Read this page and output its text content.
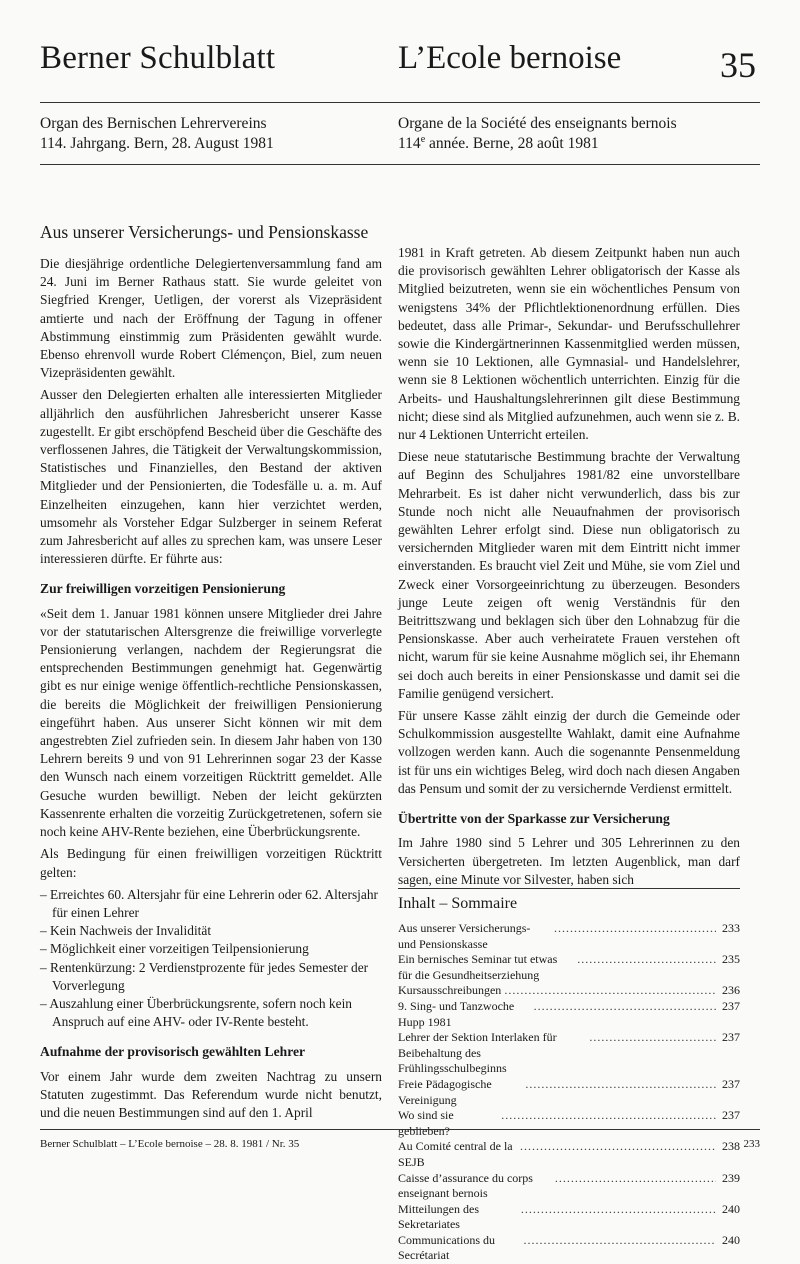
Berner Schulblatt	L’Ecole bernoise	35
Organ des Bernischen Lehrervereins
114. Jahrgang. Bern, 28. August 1981
Organe de la Société des enseignants bernois
114e année. Berne, 28 août 1981
Aus unserer Versicherungs- und Pensionskasse

Die diesjährige ordentliche Delegiertenversammlung fand am 24. Juni im Berner Rathaus statt. Sie wurde geleitet von Siegfried Krenger, Uetligen, der vorerst als Vizepräsident amtierte und nach der Eröffnung der Tagung in offener Abstimmung einstimmig zum Präsidenten gewählt wurde. Ebenso ehrenvoll wurde Robert Clémençon, Biel, zum neuen Vizepräsidenten gewählt.

Ausser den Delegierten erhalten alle interessierten Mitglieder alljährlich den ausführlichen Jahresbericht unserer Kasse zugestellt. Er gibt erschöpfend Bescheid über die Geschäfte des verflossenen Jahres, die Tätigkeit der Verwaltungskommission, Statistisches und Finanzielles, den Bestand der aktiven Mitglieder und der Pensionierten, die Todesfälle u. a. m. Auf Einzelheiten einzugehen, kann hier verzichtet werden, umsomehr als Vorsteher Edgar Sulzberger in seinem Referat zum Jahresbericht auf alles zu sprechen kam, was unsere Leser interessieren dürfte. Er führte aus:

Zur freiwilligen vorzeitigen Pensionierung

«Seit dem 1. Januar 1981 können unsere Mitglieder drei Jahre vor der statutarischen Altersgrenze die freiwillige vorverlegte Pensionierung verlangen, nachdem der Regierungsrat die entsprechenden Bestimmungen genehmigt hat. Gegenwärtig gibt es nur einige wenige öffentlich-rechtliche Pensionskassen, die bereits die Möglichkeit der freiwilligen Pensionierung eingeführt haben. Aus unserer Sicht können wir mit dem angestrebten Ziel zufrieden sein. In diesem Jahr haben von 130 Lehrern bereits 9 und von 91 Lehrerinnen sogar 23 der Kasse den Wunsch nach einem vorzeitigen Rücktritt gemeldet. Alle Gesuche wurden bewilligt. Neben der leicht gekürzten Kassenrente erhalten die vorzeitig Zurückgetretenen, sofern sie noch keine AHV-Rente beziehen, eine Überbrückungsrente.

Als Bedingung für einen freiwilligen vorzeitigen Rücktritt gelten:

– Erreichtes 60. Altersjahr für eine Lehrerin oder 62. Altersjahr für einen Lehrer
– Kein Nachweis der Invalidität
– Möglichkeit einer vorzeitigen Teilpensionierung
– Rentenkürzung: 2 Verdienstprozente für jedes Semester der Vorverlegung
– Auszahlung einer Überbrückungsrente, sofern noch kein Anspruch auf eine AHV- oder IV-Rente besteht.
Aufnahme der provisorisch gewählten Lehrer

Vor einem Jahr wurde dem zweiten Nachtrag zu unsern Statuten zugestimmt. Das Referendum wurde nicht benutzt, und die neuen Bestimmungen sind auf den 1. April

1981 in Kraft getreten. Ab diesem Zeitpunkt haben nun auch die provisorisch gewählten Lehrer obligatorisch der Kasse als Mitglied beizutreten, wenn sie ein wöchentliches Pensum von wenigstens 34% der Pflichtlektionenordnung erfüllen. Dies bedeutet, dass alle Primar-, Sekundar- und Berufsschullehrer sowie die Kindergärtnerinnen Kassenmitglied werden müssen, wenn sie 10 Lektionen, alle Gymnasial- und Handelslehrer, wenn sie 8 Lektionen wöchentlich unterrichten. Einzig für die Arbeits- und Haushaltungslehrerinnen gilt diese Bestimmung nicht; diese sind als Mitglied aufzunehmen, auch wenn sie z. B. nur 4 Lektionen Unterricht erteilen.

Diese neue statutarische Bestimmung brachte der Verwaltung auf Beginn des Schuljahres 1981/82 eine unvorstellbare Mehrarbeit. Es ist daher nicht verwunderlich, dass bis zur Stunde noch nicht alle Neuaufnahmen der provisorisch gewählten Lehrer erfolgt sind. Diese nun obligatorisch zu versichernden Mitglieder waren mit dem Eintritt nicht immer einverstanden. Es braucht viel Zeit und Mühe, sie vom Ziel und Zweck einer Vorsorgeeinrichtung zu überzeugen. Besonders junge Leute zeigen oft wenig Verständnis für den Beitrittszwang und beklagen sich über den Lohnabzug für die Pensionskasse. Aber auch verheiratete Frauen verstehen oft nicht, warum für sie keine Ausnahme möglich sei, ihr Ehemann sei doch auch bereits in einer Pensionskasse und damit sei die Familie genügend versichert.

Für unsere Kasse zählt einzig der durch die Gemeinde oder Schulkommission ausgestellte Wahlakt, damit eine Aufnahme vollzogen werden kann. Auch die sogenannte Pensenmeldung ist für uns ein wichtiges Beleg, wird doch nach diesen Angaben das Pensum und somit der zu versichernde Verdienst ermittelt.

Übertritte von der Sparkasse zur Versicherung

Im Jahre 1980 sind 5 Lehrer und 305 Lehrerinnen zu den Versicherten übergetreten. Im letzten Augenblick, man darf sagen, eine Minute vor Silvester, haben sich

Inhalt – Sommaire
Aus unserer Versicherungs- und Pensionskasse
. . .
233
Ein bernisches Seminar tut etwas für die Gesundheitserziehung
. . .
235
Kursausschreibungen
. . .	236
9. Sing- und Tanzwoche Hupp 1981
. . .
237
Lehrer der Sektion Interlaken für Beibehaltung des Frühlingsschulbeginns
. . .
237
Freie Pädagogische Vereinigung
. . .
237
Wo sind sie geblieben?
. . .
237
Au Comité central de la SEJB
. . .
238
Caisse d’assurance du corps enseignant bernois
. . .
239
Mitteilungen des Sekretariates
. . .
240
Communications du Secrétariat
. . .
240
Berner Schulblatt – L’Ecole bernoise – 28. 8. 1981 / Nr. 35	233
